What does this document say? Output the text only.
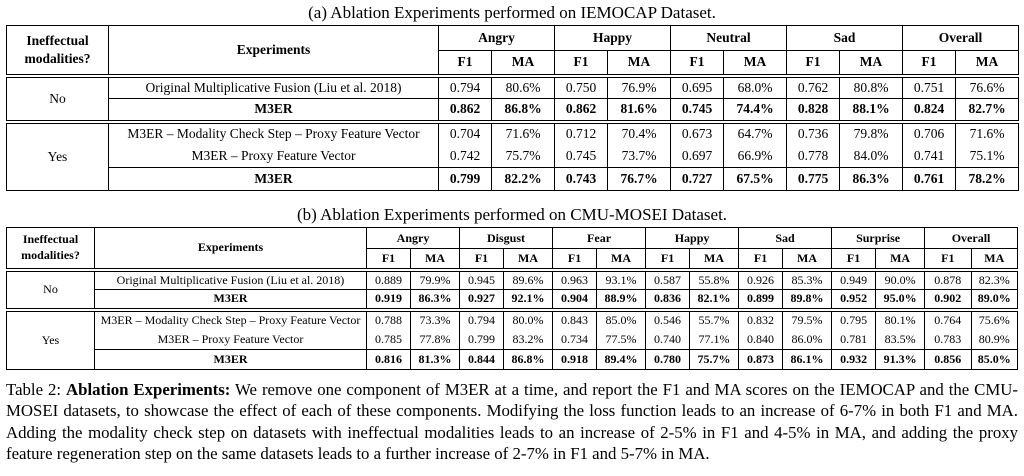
(a) Ablation Experiments performed on IEMOCAP Dataset.
Ineffectual
modalities?	Experiments	Angry		Happy		Neutral		Sad		Overall	
		F1	MA	F1	MA	F1	MA	F1	MA	F1	MA
No	Original Multiplicative Fusion (Liu et al. 2018)	0.794	80.6%	0.750	76.9%	0.695	68.0%	0.762	80.8%	0.751	76.6%
	M3ER	0.862	86.8%	0.862	81.6%	0.745	74.4%	0.828	88.1%	0.824	82.7%
Yes	M3ER – Modality Check Step – Proxy Feature Vector	0.704	71.6%	0.712	70.4%	0.673	64.7%	0.736	79.8%	0.706	71.6%
	M3ER – Proxy Feature Vector	0.742	75.7%	0.745	73.7%	0.697	66.9%	0.778	84.0%	0.741	75.1%
	M3ER	0.799	82.2%	0.743	76.7%	0.727	67.5%	0.775	86.3%	0.761	78.2%
(b) Ablation Experiments performed on CMU-MOSEI Dataset.
Ineffectual
modalities?	Experiments	Angry		Disgust		Fear		Happy		Sad		Surprise		Overall	
		F1	MA	F1	MA	F1	MA	F1	MA	F1	MA	F1	MA	F1	MA
No	Original Multiplicative Fusion (Liu et al. 2018)	0.889	79.9%	0.945	89.6%	0.963	93.1%	0.587	55.8%	0.926	85.3%	0.949	90.0%	0.878	82.3%
	M3ER	0.919	86.3%	0.927	92.1%	0.904	88.9%	0.836	82.1%	0.899	89.8%	0.952	95.0%	0.902	89.0%
Yes	M3ER – Modality Check Step – Proxy Feature Vector	0.788	73.3%	0.794	80.0%	0.843	85.0%	0.546	55.7%	0.832	79.5%	0.795	80.1%	0.764	75.6%
	M3ER – Proxy Feature Vector	0.785	77.8%	0.799	83.2%	0.734	77.5%	0.740	77.1%	0.840	86.0%	0.781	83.5%	0.783	80.9%
	M3ER	0.816	81.3%	0.844	86.8%	0.918	89.4%	0.780	75.7%	0.873	86.1%	0.932	91.3%	0.856	85.0%

Table 2: Ablation Experiments: We remove one component of M3ER at a time, and report the F1 and MA scores on the IEMOCAP and the CMU-MOSEI datasets, to showcase the effect of each of these components. Modifying the loss function leads to an increase of 6-7% in both F1 and MA. Adding the modality check step on datasets with ineffectual modalities leads to an increase of 2-5% in F1 and 4-5% in MA, and adding the proxy feature regeneration step on the same datasets leads to a further increase of 2-7% in F1 and 5-7% in MA.
